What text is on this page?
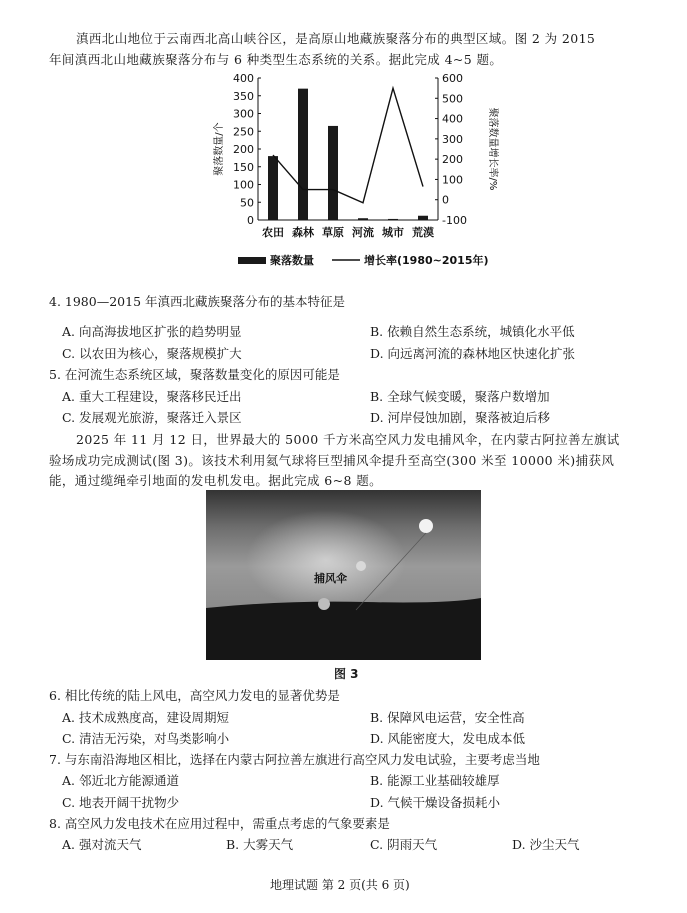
滇西北山地位于云南西北高山峡谷区，是高原山地藏族聚落分布的典型区域。图 2 为 2015
年间滇西北山地藏族聚落分布与 6 种类型生态系统的关系。据此完成 4~5 题。
0
50
100
150
200
250
300
350
400
-100
0
100
200
300
400
500
600
聚落数量/个	聚落数量增长率/%
农田 森林 草原 河流 城市 荒漠
聚落数量	增长率(1980~2015年)
4. 1980—2015 年滇西北藏族聚落分布的基本特征是
A. 向高海拔地区扩张的趋势明显	B. 依赖自然生态系统，城镇化水平低
C. 以农田为核心，聚落规模扩大	D. 向远离河流的森林地区快速化扩张
5. 在河流生态系统区域，聚落数量变化的原因可能是
A. 重大工程建设，聚落移民迁出	B. 全球气候变暖，聚落户数增加
C. 发展观光旅游，聚落迁入景区	D. 河岸侵蚀加剧，聚落被迫后移
2025 年 11 月 12 日，世界最大的 5000 千方米高空风力发电捕风伞，在内蒙古阿拉善左旗试
验场成功完成测试(图 3)。该技术利用氦气球将巨型捕风伞提升至高空(300 米至 10000 米)捕获风
能，通过缆绳牵引地面的发电机发电。据此完成 6~8 题。
捕风伞
图 3
6. 相比传统的陆上风电，高空风力发电的显著优势是
A. 技术成熟度高，建设周期短	B. 保障风电运营，安全性高
C. 清洁无污染，对鸟类影响小	D. 风能密度大，发电成本低
7. 与东南沿海地区相比，选择在内蒙古阿拉善左旗进行高空风力发电试验，主要考虑当地
A. 邻近北方能源通道	B. 能源工业基础较雄厚
C. 地表开阔干扰物少	D. 气候干燥设备损耗小
8. 高空风力发电技术在应用过程中，需重点考虑的气象要素是
A. 强对流天气	B. 大雾天气	C. 阴雨天气	D. 沙尘天气
地理试题 第 2 页(共 6 页)
